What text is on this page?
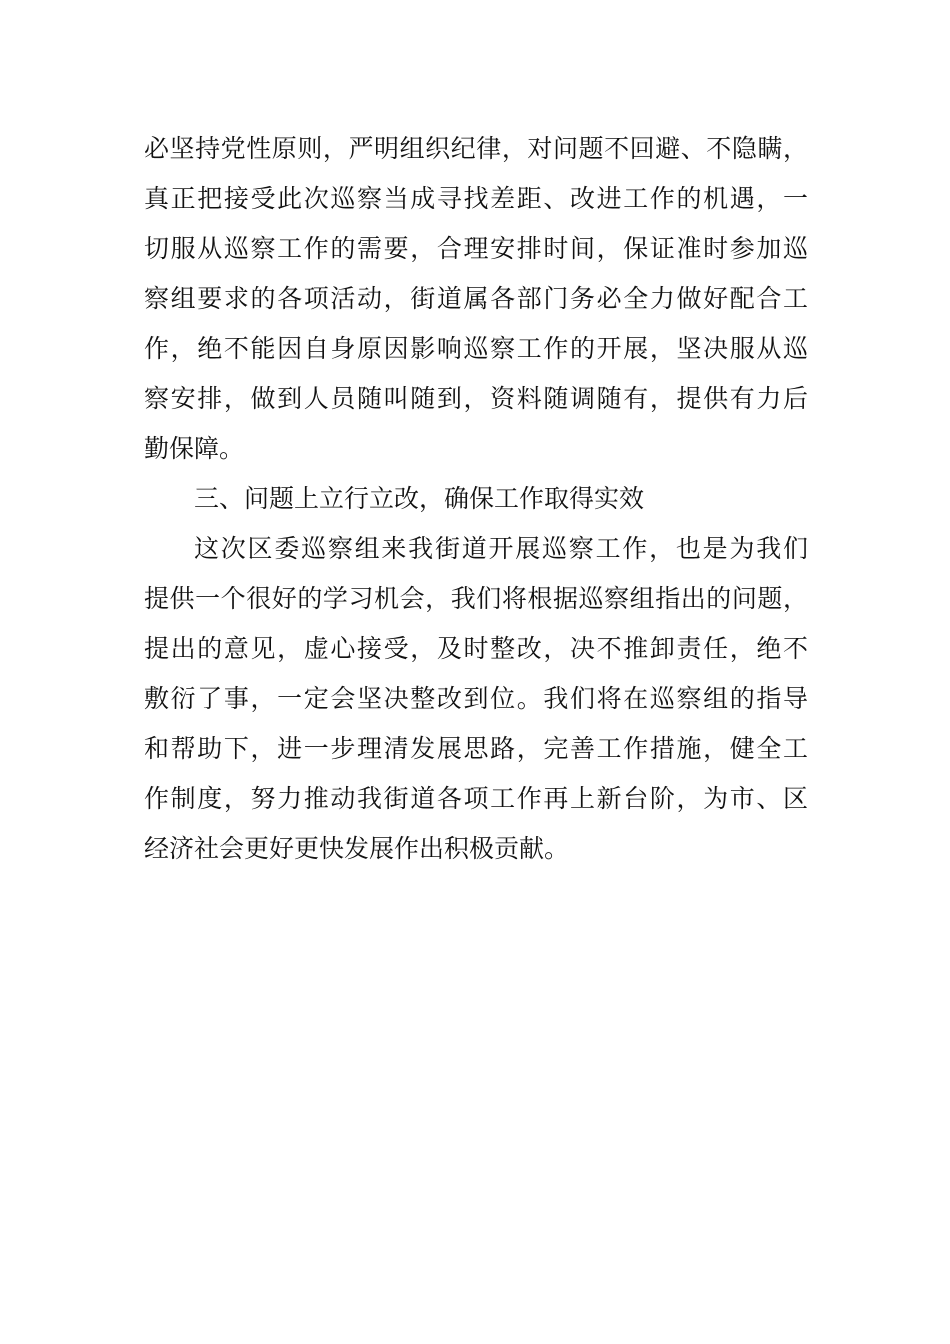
必坚持党性原则，严明组织纪律，对问题不回避、不隐瞒，
真正把接受此次巡察当成寻找差距、改进工作的机遇，一
切服从巡察工作的需要，合理安排时间，保证准时参加巡
察组要求的各项活动，街道属各部门务必全力做好配合工
作，绝不能因自身原因影响巡察工作的开展，坚决服从巡
察安排，做到人员随叫随到，资料随调随有，提供有力后
勤保障。
三、问题上立行立改，确保工作取得实效
这次区委巡察组来我街道开展巡察工作，也是为我们
提供一个很好的学习机会，我们将根据巡察组指出的问题，
提出的意见，虚心接受，及时整改，决不推卸责任，绝不
敷衍了事，一定会坚决整改到位。我们将在巡察组的指导
和帮助下，进一步理清发展思路，完善工作措施，健全工
作制度，努力推动我街道各项工作再上新台阶，为市、区
经济社会更好更快发展作出积极贡献。
